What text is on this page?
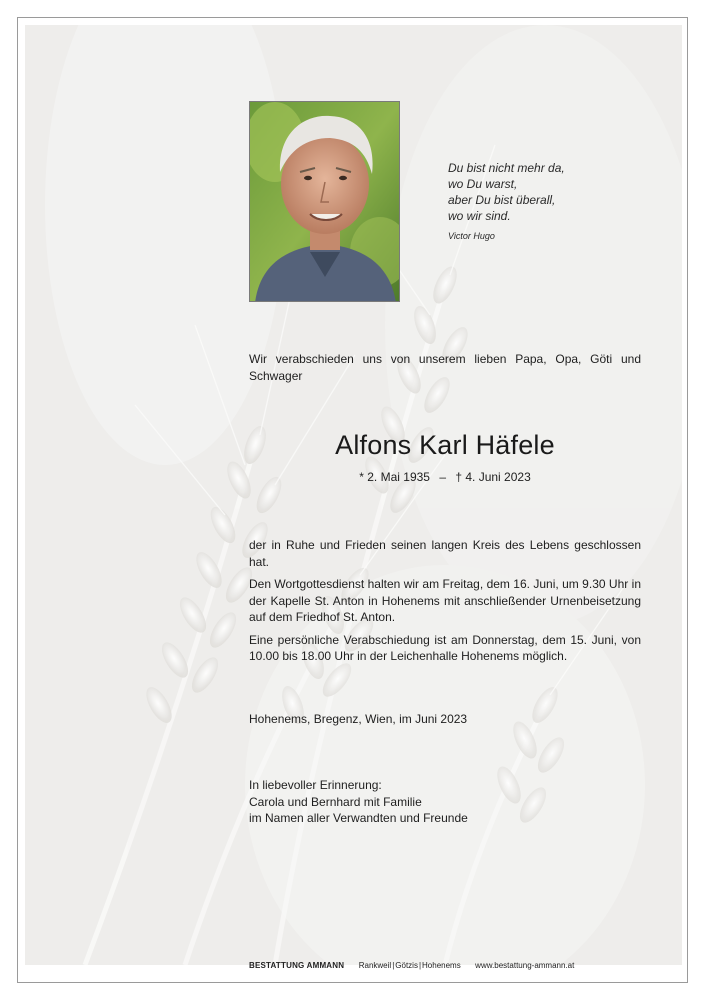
Du bist nicht mehr da,
wo Du warst,
aber Du bist überall,
wo wir sind.
Victor Hugo
Wir verabschieden uns von unserem lieben Papa, Opa, Göti und Schwager
Alfons Karl Häfele
* 2. Mai 1935 – † 4. Juni 2023

der in Ruhe und Frieden seinen langen Kreis des Lebens geschlossen hat.

Den Wortgottesdienst halten wir am Freitag, dem 16. Juni, um 9.30 Uhr in der Kapelle St. Anton in Hohenems mit anschließender Urnenbeisetzung auf dem Friedhof St. Anton.

Eine persönliche Verabschiedung ist am Donnerstag, dem 15. Juni, von 10.00 bis 18.00 Uhr in der Leichenhalle Hohenems möglich.

Hohenems, Bregenz, Wien, im Juni 2023
In liebevoller Erinnerung:
Carola und Bernhard mit Familie
im Namen aller Verwandten und Freunde
BESTATTUNG AMMANN Rankweil|Götzis|Hohenems www.bestattung-ammann.at
